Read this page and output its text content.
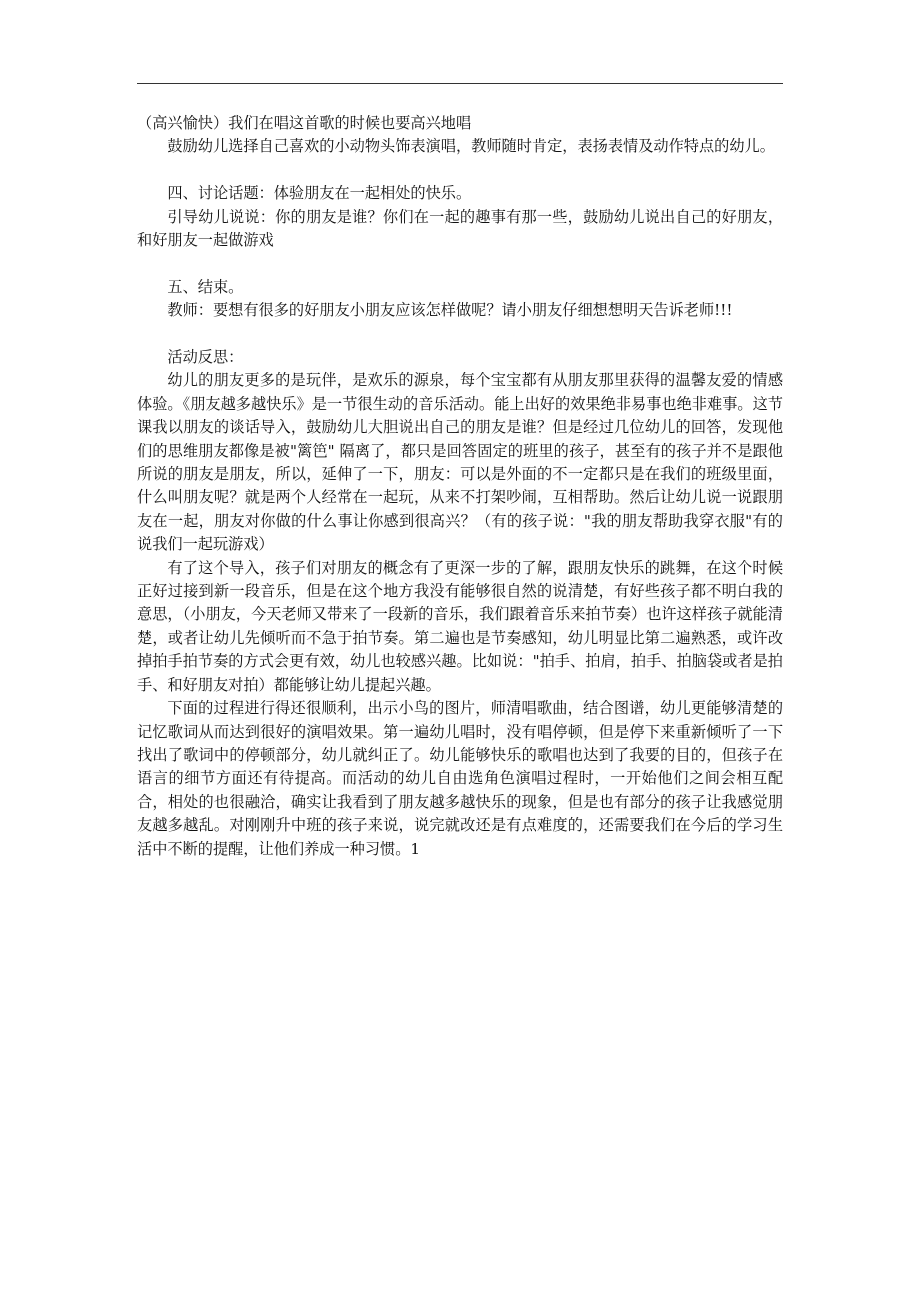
（高兴愉快）我们在唱这首歌的时候也要高兴地唱

鼓励幼儿选择自己喜欢的小动物头饰表演唱，教师随时肯定，表扬表情及动作特点的幼儿。

四、讨论话题：体验朋友在一起相处的快乐。

引导幼儿说说：你的朋友是谁？你们在一起的趣事有那一些，鼓励幼儿说出自己的好朋友，和好朋友一起做游戏

五、结束。

教师：要想有很多的好朋友小朋友应该怎样做呢？请小朋友仔细想想明天告诉老师!!!

活动反思：

幼儿的朋友更多的是玩伴，是欢乐的源泉，每个宝宝都有从朋友那里获得的温馨友爱的情感体验。《朋友越多越快乐》是一节很生动的音乐活动。能上出好的效果绝非易事也绝非难事。这节课我以朋友的谈话导入，鼓励幼儿大胆说出自己的朋友是谁？但是经过几位幼儿的回答，发现他们的思维朋友都像是被"篱笆" 隔离了，都只是回答固定的班里的孩子，甚至有的孩子并不是跟他所说的朋友是朋友，所以，延伸了一下，朋友：可以是外面的不一定都只是在我们的班级里面，什么叫朋友呢？就是两个人经常在一起玩，从来不打架吵闹，互相帮助。然后让幼儿说一说跟朋友在一起，朋友对你做的什么事让你感到很高兴？（有的孩子说："我的朋友帮助我穿衣服"有的说我们一起玩游戏）

有了这个导入，孩子们对朋友的概念有了更深一步的了解，跟朋友快乐的跳舞，在这个时候正好过接到新一段音乐，但是在这个地方我没有能够很自然的说清楚，有好些孩子都不明白我的意思，（小朋友，今天老师又带来了一段新的音乐，我们跟着音乐来拍节奏）也许这样孩子就能清楚，或者让幼儿先倾听而不急于拍节奏。第二遍也是节奏感知，幼儿明显比第二遍熟悉，或许改掉拍手拍节奏的方式会更有效，幼儿也较感兴趣。比如说："拍手、拍肩，拍手、拍脑袋或者是拍手、和好朋友对拍）都能够让幼儿提起兴趣。

下面的过程进行得还很顺利，出示小鸟的图片，师清唱歌曲，结合图谱，幼儿更能够清楚的记忆歌词从而达到很好的演唱效果。第一遍幼儿唱时，没有唱停顿，但是停下来重新倾听了一下找出了歌词中的停顿部分，幼儿就纠正了。幼儿能够快乐的歌唱也达到了我要的目的，但孩子在语言的细节方面还有待提高。而活动的幼儿自由选角色演唱过程时，一开始他们之间会相互配合，相处的也很融洽，确实让我看到了朋友越多越快乐的现象，但是也有部分的孩子让我感觉朋友越多越乱。对刚刚升中班的孩子来说，说完就改还是有点难度的，还需要我们在今后的学习生活中不断的提醒，让他们养成一种习惯。1
